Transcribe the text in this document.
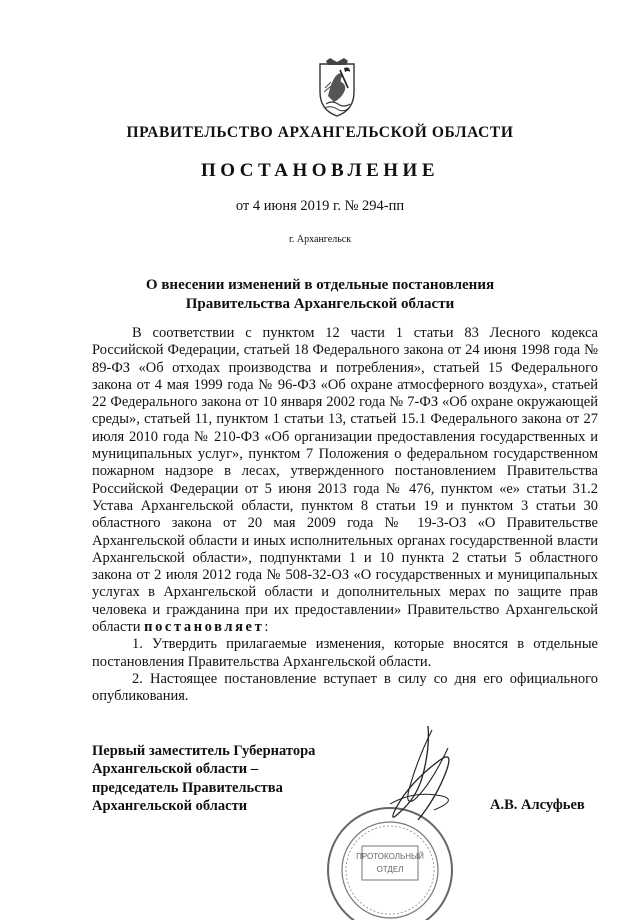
ПРАВИТЕЛЬСТВО АРХАНГЕЛЬСКОЙ ОБЛАСТИ
ПОСТАНОВЛЕНИЕ
от 4 июня 2019 г. № 294-пп
г. Архангельск
О внесении изменений в отдельные постановления
Правительства Архангельской области

В соответствии с пунктом 12 части 1 статьи 83 Лесного кодекса Российской Федерации, статьей 18 Федерального закона от 24 июня 1998 года № 89-ФЗ «Об отходах производства и потребления», статьей 15 Федерального закона от 4 мая 1999 года № 96-ФЗ «Об охране атмосферного воздуха», статьей 22 Федерального закона от 10 января 2002 года № 7-ФЗ «Об охране окружающей среды», статьей 11, пунктом 1 статьи 13, статьей 15.1 Федерального закона от 27 июля 2010 года № 210-ФЗ «Об организации предоставления государственных и муниципальных услуг», пунктом 7 Положения о федеральном государственном пожарном надзоре в лесах, утвержденного постановлением Правительства Российской Федерации от 5 июня 2013 года № 476, пунктом «е» статьи 31.2 Устава Архангельской области, пунктом 8 статьи 19 и пунктом 3 статьи 30 областного закона от 20 мая 2009 года № 19-3-ОЗ «О Правительстве Архангельской области и иных исполнительных органах государственной власти Архангельской области», подпунктами 1 и 10 пункта 2 статьи 5 областного закона от 2 июля 2012 года № 508-32-ОЗ «О государственных и муниципальных услугах в Архангельской области и дополнительных мерах по защите прав человека и гражданина при их предоставлении» Правительство Архангельской области постановляет:

1. Утвердить прилагаемые изменения, которые вносятся в отдельные постановления Правительства Архангельской области.

2. Настоящее постановление вступает в силу со дня его официального опубликования.

Первый заместитель Губернатора
Архангельской области –
председатель Правительства
Архангельской области
ПРОТОКОЛЬНЫЙ
ОТДЕЛ
А.В. Алсуфьев
